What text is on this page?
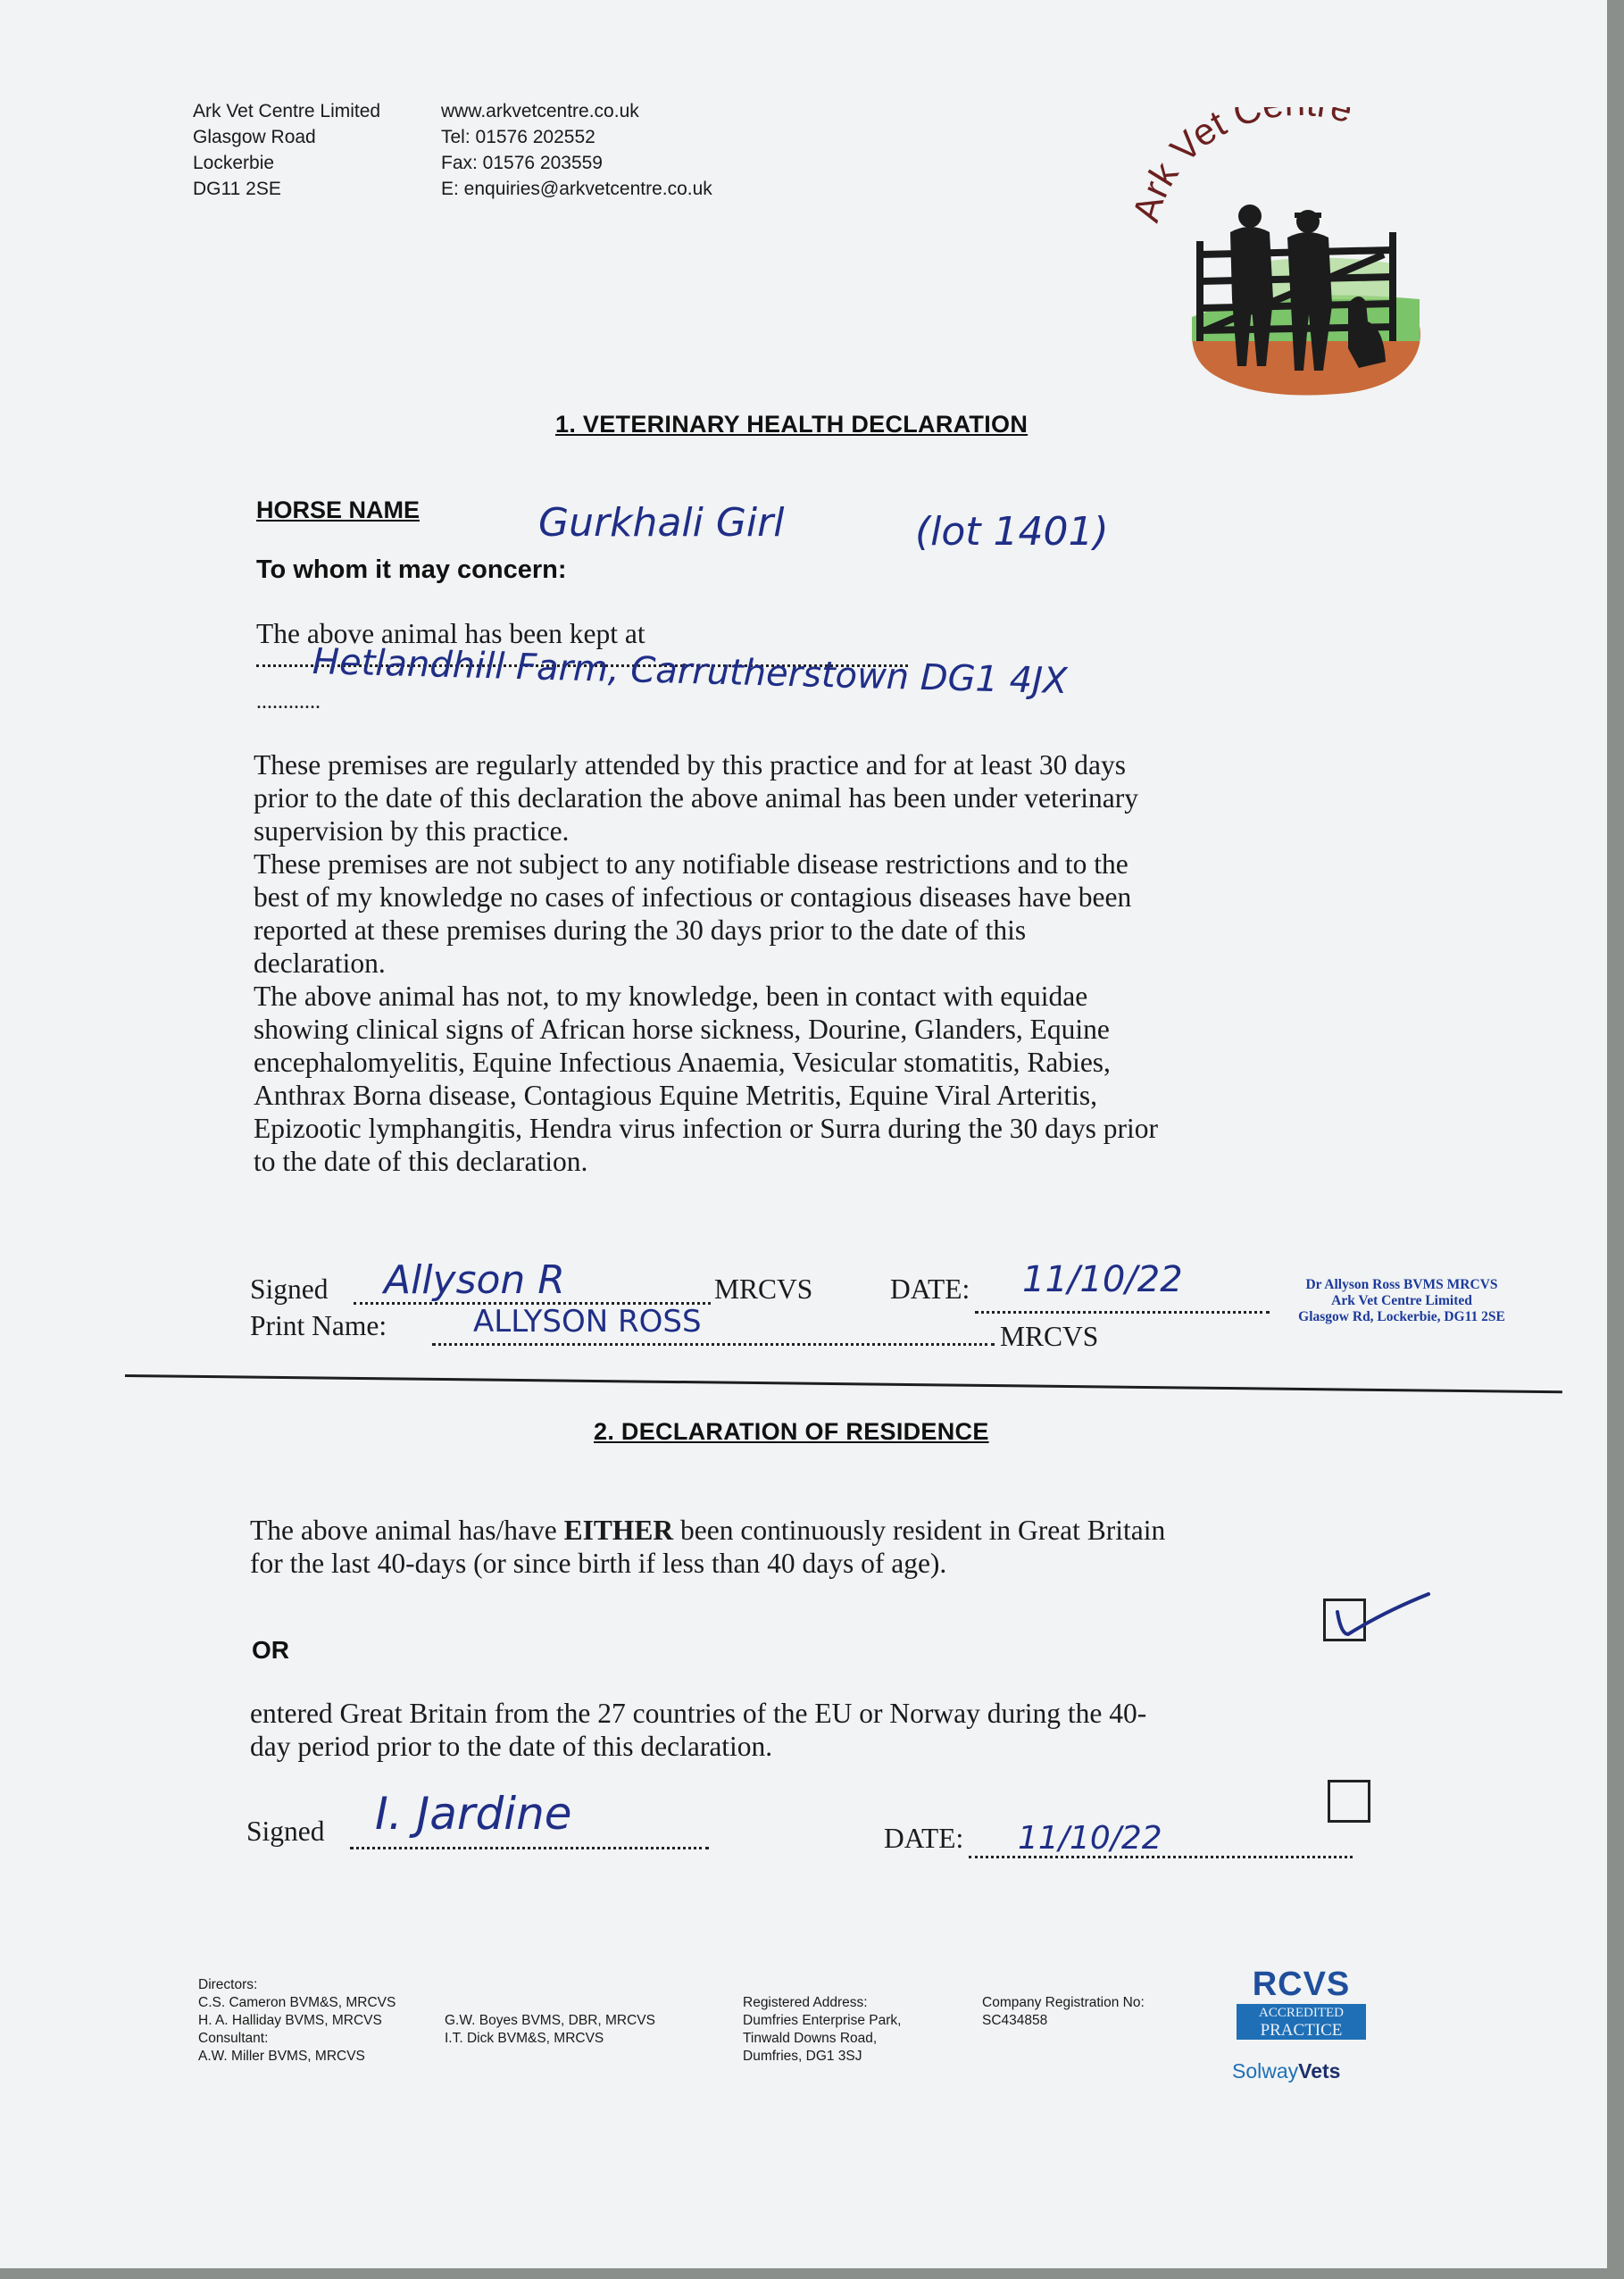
Ark Vet Centre Limited
Glasgow Road
Lockerbie
DG11 2SE
www.arkvetcentre.co.uk
Tel: 01576 202552
Fax: 01576 203559
E: enquiries@arkvetcentre.co.uk
Ark Vet C e
1. VETERINARY HEALTH DECLARATION
HORSE NAME	Gurkhali Girl	(lot 1401)
To whom it may concern:
The above animal has been kept at
Hetlandhill Farm, Carrutherstown DG1 4JX
............
These premises are regularly attended by this practice and for at least 30 days
prior to the date of this declaration the above animal has been under veterinary
supervision by this practice.
These premises are not subject to any notifiable disease restrictions and to the
best of my knowledge no cases of infectious or contagious diseases have been
reported at these premises during the 30 days prior to the date of this
declaration.
The above animal has not, to my knowledge, been in contact with equidae
showing clinical signs of African horse sickness, Dourine, Glanders, Equine
encephalomyelitis, Equine Infectious Anaemia, Vesicular stomatitis, Rabies,
Anthrax Borna disease, Contagious Equine Metritis, Equine Viral Arteritis,
Epizootic lymphangitis, Hendra virus infection or Surra during the 30 days prior
to the date of this declaration.
Signed Allyson R	MRCVS	DATE: 11/10/22
Print Name:	ALLYSON ROSS	MRCVS
Dr Allyson Ross BVMS MRCVS
Ark Vet Centre Limited
Glasgow Rd, Lockerbie, DG11 2SE
2. DECLARATION OF RESIDENCE
The above animal has/have EITHER been continuously resident in Great Britain
for the last 40-days (or since birth if less than 40 days of age).
OR
entered Great Britain from the 27 countries of the EU or Norway during the 40-
day period prior to the date of this declaration.
Signed I. Jardine	DATE: 11/10/22
Directors:
C.S. Cameron BVM&S, MRCVS
H. A. Halliday BVMS, MRCVS
Consultant:
A.W. Miller BVMS, MRCVS
G.W. Boyes BVMS, DBR, MRCVS
I.T. Dick BVM&S, MRCVS
Registered Address:
Dumfries Enterprise Park,
Tinwald Downs Road,
Dumfries, DG1 3SJ
Company Registration No:
SC434858
RCVS
ACCREDITED
PRACTICE
SolwayVets
